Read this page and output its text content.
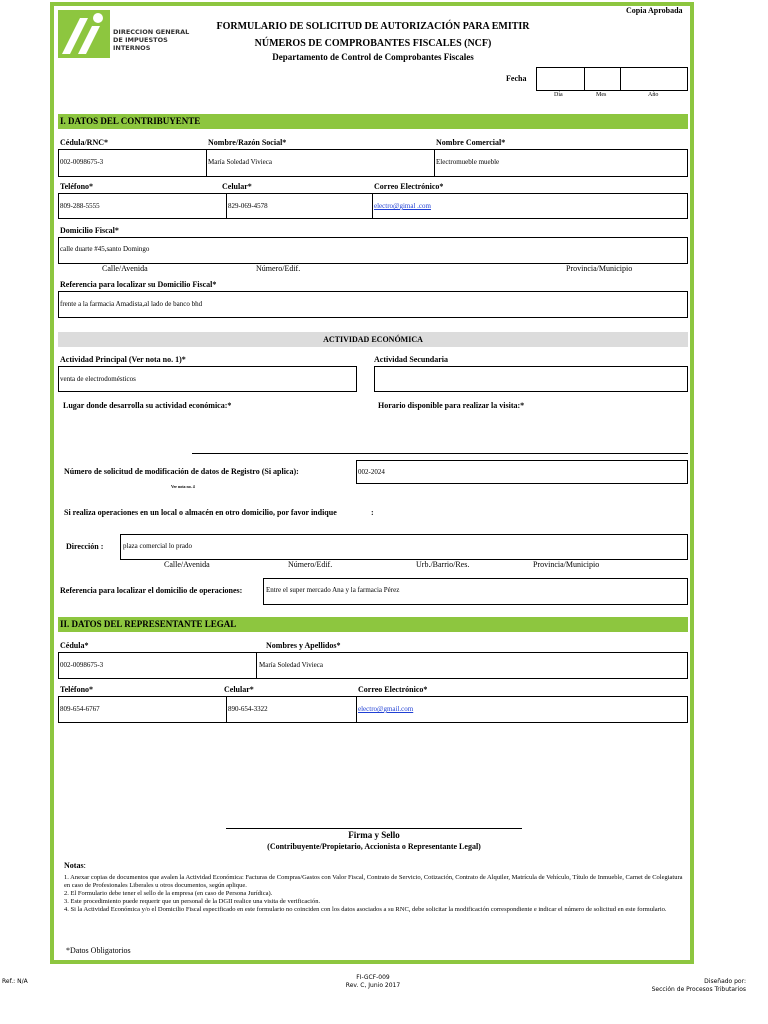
Copia Aprobada
DIRECCION GENERAL
DE IMPUESTOS
INTERNOS
FORMULARIO DE SOLICITUD DE AUTORIZACIÓN PARA EMITIR
NÚMEROS DE COMPROBANTES FISCALES (NCF)
Departamento de Control de Comprobantes Fiscales
Fecha
Día	Mes	Año
I. DATOS DEL CONTRIBUYENTE
Cédula/RNC*	Nombre/Razón Social*	Nombre Comercial*
002-0098675-3	María Soledad Vivieca	Electromueble mueble
Teléfono*	Celular*	Correo Electrónico*
809-288-5555	829-069-4578	electro@gimal .com
Domicilio Fiscal*
calle duarte #45,santo Domingo
Calle/Avenida	Número/Edif.	Provincia/Municipio
Referencia para localizar su Domicilio Fiscal*
frente a la farmacia Amadista,al lado de banco bhd
ACTIVIDAD ECONÓMICA
Actividad Principal (Ver nota no. 1)*	Actividad Secundaria
venta de electrodomésticos
Lugar donde desarrolla su actividad económica:*	Horario disponible para realizar la visita:*
Número de solicitud de modificación de datos de Registro (Si aplica):	002-2024
Ver nota no. 4
Si realiza operaciones en un local o almacén en otro domicilio, por favor indique	:
Dirección :	plaza comercial lo prado
Calle/Avenida	Número/Edif.	Urb./Barrio/Res.	Provincia/Municipio
Referencia para localizar el domicilio de operaciones:	Entre el super mercado Ana y la farmacia Pérez
II. DATOS DEL REPRESENTANTE LEGAL
Cédula*	Nombres y Apellidos*
002-0098675-3	María Soledad Vivieca
Teléfono*	Celular*	Correo Electrónico*
809-654-6767	890-654-3322	electro@gmail.com
Firma y Sello
(Contribuyente/Propietario, Accionista o Representante Legal)
Notas:
1. Anexar copias de documentos que avalen la Actividad Económica: Facturas de Compras/Gastos con Valor Fiscal, Contrato de Servicio, Cotización, Contrato de Alquiler, Matrícula de Vehículo, Título de Inmueble, Carnet de Colegiatura en caso de Profesionales Liberales u otros documentos, según aplique.
2. El Formulario debe tener el sello de la empresa (en caso de Persona Jurídica).
3. Este procedimiento puede requerir que un personal de la DGII realice una visita de verificación.
4. Si la Actividad Económica y/o el Domicilio Fiscal especificado en este formulario no coinciden con los datos asociados a su RNC, debe solicitar la modificación correspondiente e indicar el número de solicitud en este formulario.
*Datos Obligatorios
Ref.: N/A
FI-GCF-009
Rev. C, Junio 2017
Diseñado por:
Sección de Procesos Tributarios
